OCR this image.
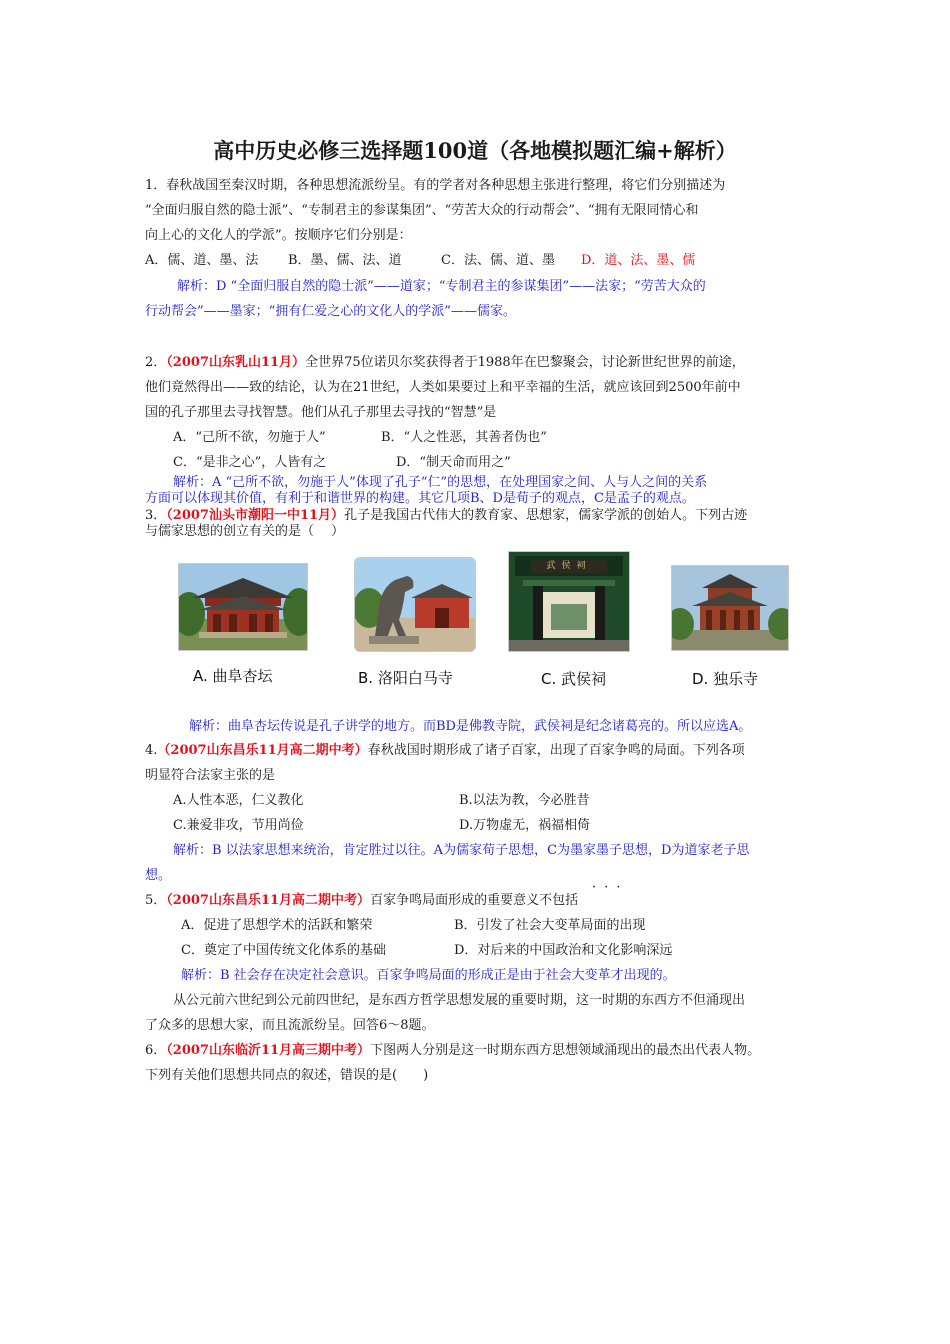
高中历史必修三选择题100道（各地模拟题汇编+解析）
1．春秋战国至秦汉时期，各种思想流派纷呈。有的学者对各种思想主张进行整理，将它们分别描述为
“全面归服自然的隐士派”、“专制君主的参谋集团”、“劳苦大众的行动帮会”、“拥有无限同情心和
向上心的文化人的学派”。按顺序它们分别是：
A．儒、道、墨、法 B．墨、儒、法、道	C．法、儒、道、墨 D．道、法、墨、儒
解析：D “全面归服自然的隐士派”——道家；“专制君主的参谋集团”——法家；“劳苦大众的
行动帮会”——墨家；“拥有仁爱之心的文化人的学派”——儒家。
2．（2007山东乳山11月）全世界75位诺贝尔奖获得者于1988年在巴黎聚会，讨论新世纪世界的前途，
他们竟然得出——致的结论，认为在21世纪，人类如果要过上和平幸福的生活，就应该回到2500年前中
国的孔子那里去寻找智慧。他们从孔子那里去寻找的“智慧”是
A．“己所不欲，勿施于人”	B．“人之性恶，其善者伪也”
C．“是非之心”，人皆有之	D．“制天命而用之”
解析：A “己所不欲，勿施于人”体现了孔子“仁”的思想，在处理国家之间、人与人之间的关系
方面可以体现其价值，有利于和谐世界的构建。其它几项B、D是荀子的观点，C是孟子的观点。
3．（2007汕头市潮阳一中11月）孔子是我国古代伟大的教育家、思想家，儒家学派的创始人。下列古迹
与儒家思想的创立有关的是（　 ）
武侯祠
A. 曲阜杏坛	B. 洛阳白马寺	C. 武侯祠	D. 独乐寺
解析：曲阜杏坛传说是孔子讲学的地方。而BD是佛教寺院，武侯祠是纪念诸葛亮的。所以应选A。
4.（2007山东昌乐11月高二期中考）春秋战国时期形成了诸子百家，出现了百家争鸣的局面。下列各项
明显符合法家主张的是
A.人性本恶，仁义教化	B.以法为教，今必胜昔
C.兼爱非攻，节用尚俭	D.万物虚无，祸福相倚
解析：B 以法家思想来统治，肯定胜过以往。A为儒家荀子思想，C为墨家墨子思想，D为道家老子思
想。
···
5．（2007山东昌乐11月高二期中考）百家争鸣局面形成的重要意义不包括
A．促进了思想学术的活跃和繁荣	B．引发了社会大变革局面的出现
C．奠定了中国传统文化体系的基础	D．对后来的中国政治和文化影响深远
解析：B 社会存在决定社会意识。百家争鸣局面的形成正是由于社会大变革才出现的。
从公元前六世纪到公元前四世纪，是东西方哲学思想发展的重要时期，这一时期的东西方不但涌现出
了众多的思想大家，而且流派纷呈。回答6～8题。
6．（2007山东临沂11月高三期中考）下图两人分别是这一时期东西方思想领域涌现出的最杰出代表人物。
下列有关他们思想共同点的叙述，错误的是(　　)
